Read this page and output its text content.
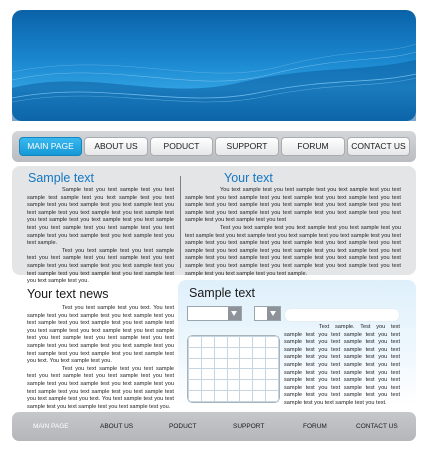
MAIN PAGE	ABOUT US	PODUCT	SUPPORT	FORUM	CONTACT US
Sample text

Sample test you text sample test you text sample test sample test you text sample test you text sample test you text sample test you text sample test you text sample test you text sample test you text sample test you text sample test you text sample test you text sample test you text sample test you text sample test you text sample test you text sample test you text sample test you text sample.

Test you text sample test you text sample test you text sample test you text sample test you text sample test you text sample test you text sample test you text sample test you text sample test you text sample test you text sample test you.

Your text

You text sample test you text sample test you text sample test you text sample test you text sample test you text sample test you text sample test you text sample test you text sample test you text sample test you text sample test you text sample test you text sample test you text sample test you text sample test you text sample test you text sample test you text

Test you text sample test you text sample test you text sample test you text sample test you text sample test you text sample test you text sample test you text sample test you text sample test you text sample test you text sample test you text sample test you text sample test you text sample test you text sample test you text sample test you text sample test you text sample test you text sample test you text sample test you text sample test you text sample test you text sample test you text sample test you text sample test you text sample.

Your text news

Test you text sample test you text. You text sample test you text sample test you text sample test you text sample test you text sample test you text sample test you text sample test you text sample test you text sample test you text sample test you text sample test you text sample test you text sample test you text sample test you text sample test you text sample test you text sample test you text. You text sample test you.

Test you text sample test you text sample test you text sample test you text sample test you text sample test you text sample test you text sample test you text sample test you text sample test you text sample test you text sample test you text. You text sample test you text sample test you text sample test you text sample test you.

Sample text

Text sample. Test you text sample test you text sample test you text sample test you text sample test you text sample test you text sample test you text sample test you text sample test you text sample test you text sample test you text sample test you text sample test you text sample test you text sample test you text sample test you text sample test you text sample test you text sample test you text sample test you text sample test you text.

MAIN PAGE	ABOUT US	PODUCT	SUPPORT	FORUM	CONTACT US
